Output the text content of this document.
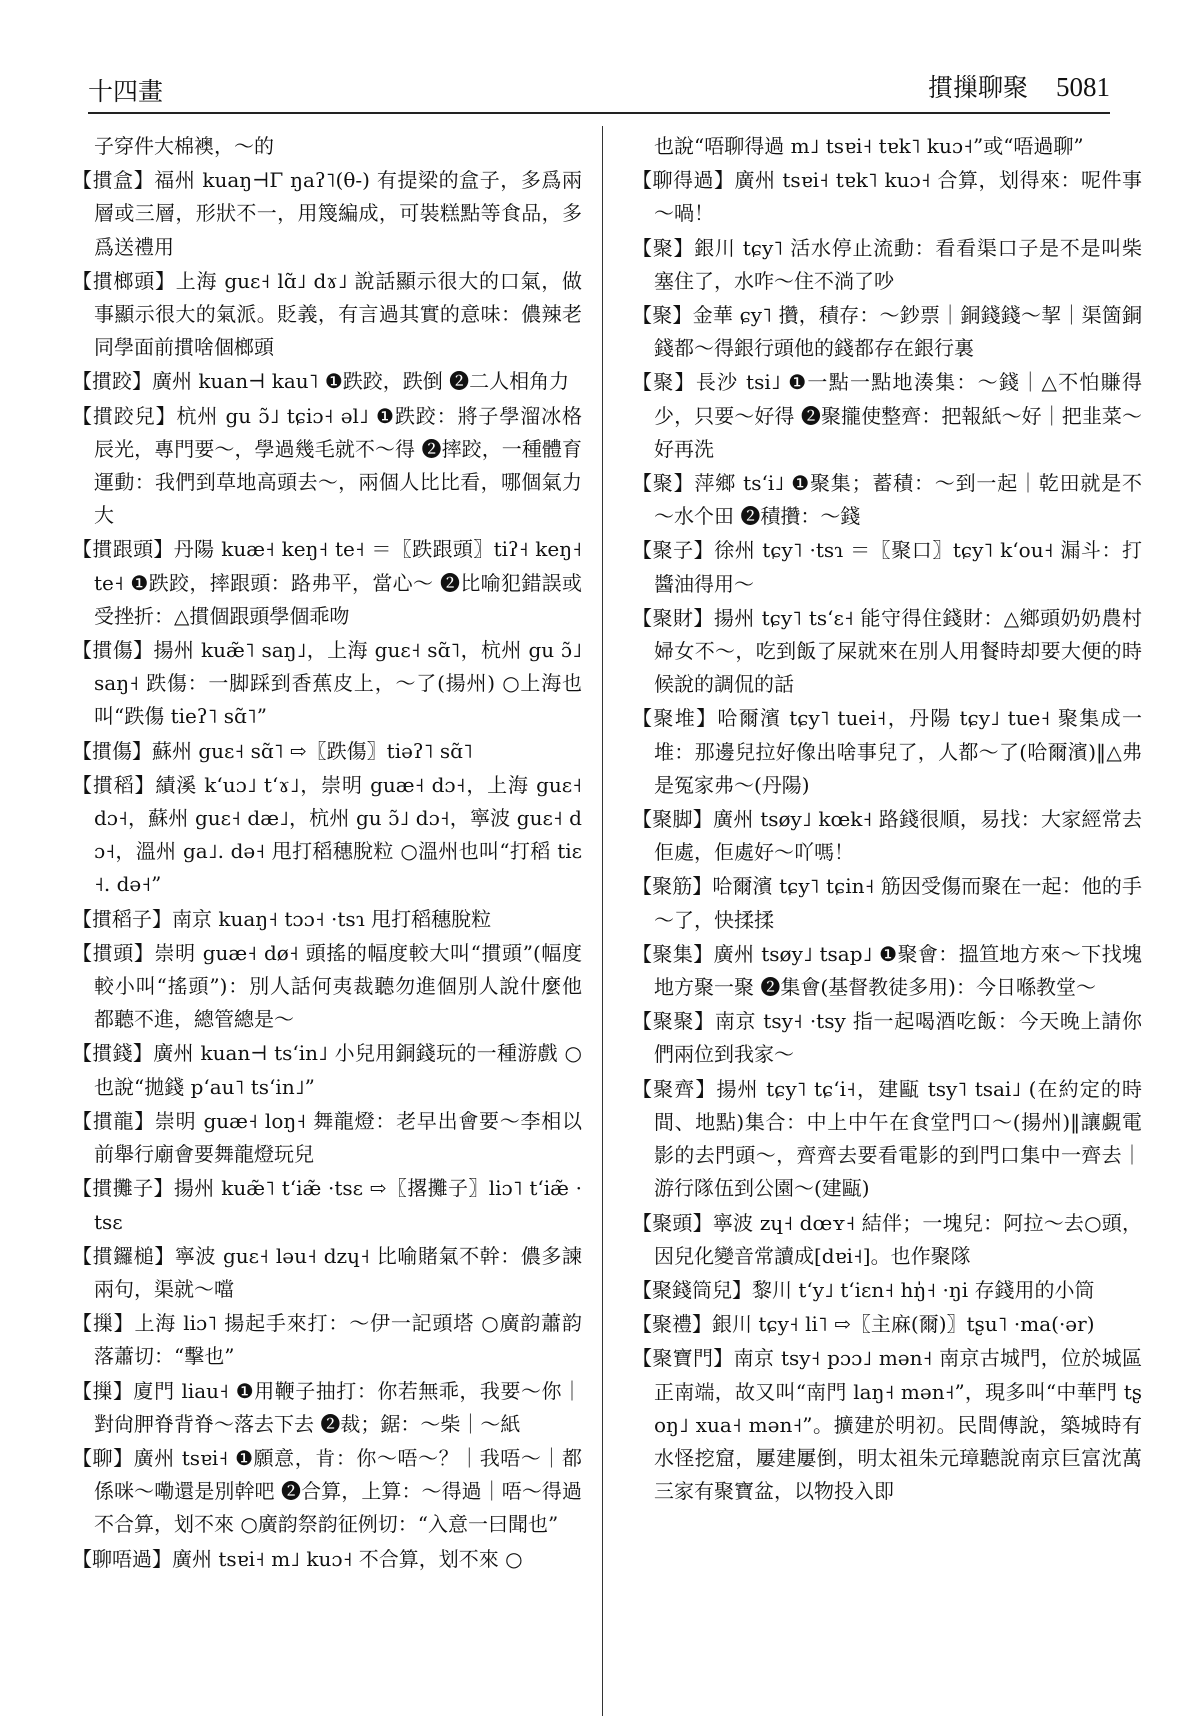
十四畫	摜摷聊聚 5081

子穿件大棉襖，～的

【摜盒】福州 kuaŋ⊣Γ ŋaʔ˥(θ-) 有提梁的盒子，多爲兩層或三層，形狀不一，用篾編成，可裝糕點等食品，多爲送禮用

【摜榔頭】上海 guɛ˧ lɑ̃˩ dɤ˩ 說話顯示很大的口氣，做事顯示很大的氣派。貶義，有言過其實的意味：儂辣老同學面前摜啥個榔頭

【摜跤】廣州 kuan⊣ kau˥ ❶跌跤，跌倒 ❷二人相角力

【摜跤兒】杭州 gu ɔ̃˩ tɕiɔ˧ əl˩ ❶跌跤：將子學溜冰格辰光，專門要～，學過幾毛就不～得 ❷摔跤，一種體育運動：我們到草地高頭去～，兩個人比比看，哪個氣力大

【摜跟頭】丹陽 kuæ˧ keŋ˧ te˧ ＝〖跌跟頭〗tiʔ˧ keŋ˧ te˧ ❶跌跤，摔跟頭：路弗平，當心～ ❷比喻犯錯誤或受挫折：△摜個跟頭學個乖吻

【摜傷】揚州 kuæ̃˥ saŋ˩，上海 guɛ˧ sɑ̃˥，杭州 gu ɔ̃˩ saŋ˧ 跌傷：一脚踩到香蕉皮上，～了(揚州) ○上海也叫“跌傷 tieʔ˥ sɑ̃˥”

【摜傷】蘇州 guɛ˧ sɑ̃˥ ⇨〖跌傷〗tiəʔ˥ sɑ̃˥

【摜稻】績溪 kʻuɔ˩ tʻɤ˩，崇明 guæ˧ dɔ˧，上海 guɛ˧ dɔ˧，蘇州 guɛ˧ dæ˩，杭州 gu ɔ̃˩ dɔ˧，寧波 guɛ˧ dɔ˧，溫州 ga˩. də˧ 甩打稻穗脫粒 ○溫州也叫“打稻 tiɛ˧. də˧”

【摜稻子】南京 kuaŋ˧ tɔɔ˧ ·tsɿ 甩打稻穗脫粒

【摜頭】崇明 guæ˧ dø˧ 頭搖的幅度較大叫“摜頭”(幅度較小叫“搖頭”)：別人話何夷裁聽勿進個別人說什麼他都聽不進，總管總是～

【摜錢】廣州 kuan⊣ tsʻin˩ 小兒用銅錢玩的一種游戲 ○也說“拋錢 pʻau˥ tsʻin˩”

【摜龍】崇明 guæ˧ loŋ˧ 舞龍燈：老早出會要～李相以前舉行廟會要舞龍燈玩兒

【摜攤子】揚州 kuæ̃˥ tʻiæ̃ ·tsɛ ⇨〖撂攤子〗liɔ˥ tʻiæ̃ ·tsɛ

【摜鑼槌】寧波 guɛ˧ ləu˧ dzɥ˧ 比喻賭氣不幹：儂多諫兩句，渠就～噹

【摷】上海 liɔ˥ 揚起手來打：～伊一記頭塔 ○廣韵蕭韵落蕭切：“擊也”

【摷】廈門 liau˧ ❶用鞭子抽打：你若無乖，我要～你｜對尙胛脊背脊～落去下去 ❷裁；鋸：～柴｜～紙

【聊】廣州 tsɐi˧ ❶願意，肯：你～唔～？｜我唔～｜都係咪～嘞還是別幹吧 ❷合算，上算：～得過｜唔～得過不合算，划不來 ○廣韵祭韵征例切：“入意一曰聞也”

【聊唔過】廣州 tsɐi˧ m˩ kuɔ˧ 不合算，划不來 ○

也說“唔聊得過 m˩ tsɐi˧ tɐk˥ kuɔ˧”或“唔過聊”

【聊得過】廣州 tsɐi˧ tɐk˥ kuɔ˧ 合算，划得來：呢件事～喎！

【聚】銀川 tɕy˥ 活水停止流動：看看渠口子是不是叫柴塞住了，水咋～住不淌了吵

【聚】金華 ɕy˥ 攢，積存：～鈔票｜銅錢錢～挈｜渠箇銅錢都～得銀行頭他的錢都存在銀行裏

【聚】長沙 tsi˩ ❶一點一點地湊集：～錢｜△不怕賺得少，只要～好得 ❷聚攏使整齊：把報紙～好｜把韭菜～好再洗

【聚】萍鄉 tsʻi˩ ❶聚集；蓄積：～到一起｜乾田就是不～水个田 ❷積攢：～錢

【聚子】徐州 tɕy˥ ·tsɿ ＝〖聚口〗tɕy˥ kʻou˧ 漏斗：打醬油得用～

【聚財】揚州 tɕy˥ tsʻɛ˧ 能守得住錢財：△鄉頭奶奶農村婦女不～，吃到飯了屎就來在別人用餐時却要大便的時候說的調侃的話

【聚堆】哈爾濱 tɕy˥ tuei˧，丹陽 tɕy˩ tue˧ 聚集成一堆：那邊兒拉好像出啥事兒了，人都～了(哈爾濱)‖△弗是冤家弗～(丹陽)

【聚脚】廣州 tsøy˩ kœk˧ 路錢很順，易找：大家經常去佢處，佢處好～吖嗎！

【聚筋】哈爾濱 tɕy˥ tɕin˧ 筋因受傷而聚在一起：他的手～了，快揉揉

【聚集】廣州 tsøy˩ tsap˩ ❶聚會：搵笪地方來～下找塊地方聚一聚 ❷集會(基督教徒多用)：今日喺教堂～

【聚聚】南京 tsy˧ ·tsy 指一起喝酒吃飯：今天晚上請你們兩位到我家～

【聚齊】揚州 tɕy˥ tɕʻi˧，建甌 tsy˥ tsai˩ (在約定的時間、地點)集合：中上中午在食堂門口～(揚州)‖讓覷電影的去門頭～，齊齊去要看電影的到門口集中一齊去｜游行隊伍到公園～(建甌)

【聚頭】寧波 zɥ˧ dœʏ˧ 結伴；一塊兒：阿拉～去○頭，因兒化變音常讀成[dɐi˧]。也作聚隊

【聚錢筒兒】黎川 tʻy˩ tʻiɛn˧ hŋ̍˧ ·ŋi 存錢用的小筒

【聚禮】銀川 tɕy˧ li˥ ⇨〖主麻(爾)〗tʂu˥ ·ma(·ər)

【聚寶門】南京 tsy˧ pɔɔ˩ mən˧ 南京古城門，位於城區正南端，故又叫“南門 laŋ˧ mən˧”，現多叫“中華門 tʂoŋ˩ xua˧ mən˧”。擴建於明初。民間傳說，築城時有水怪挖窟，屢建屢倒，明太祖朱元璋聽說南京巨富沈萬三家有聚寶盆，以物投入即
